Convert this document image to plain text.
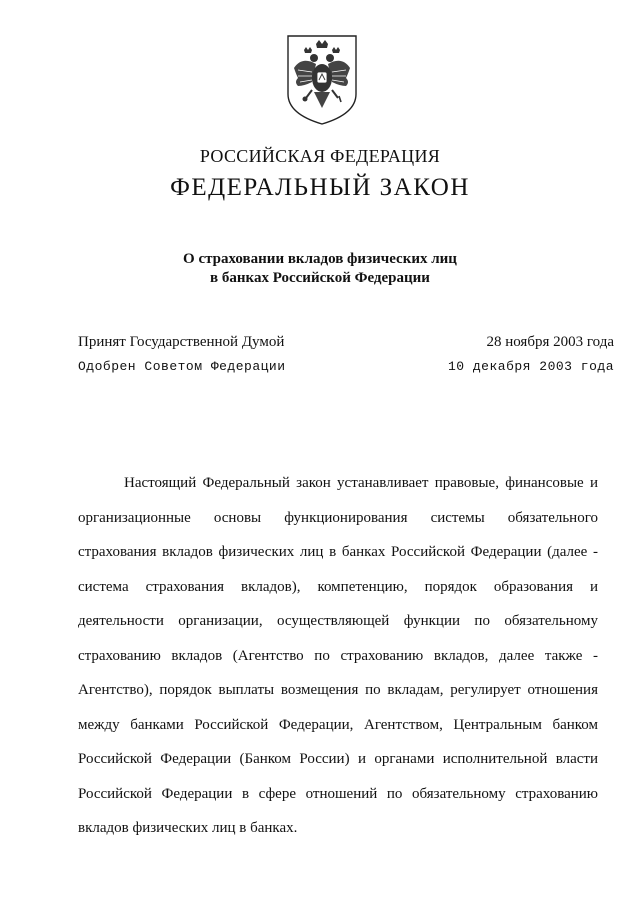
РОССИЙСКАЯ ФЕДЕРАЦИЯ
ФЕДЕРАЛЬНЫЙ ЗАКОН
О страховании вкладов физических лиц
в банках Российской Федерации
Принят Государственной Думой	28 ноября 2003 года
Одобрен Советом Федерации	10 декабря 2003 года

Настоящий Федеральный закон устанавливает правовые, финансовые и организационные основы функционирования системы обязательного страхования вкладов физических лиц в банках Российской Федерации (далее - система страхования вкладов), компетенцию, порядок образования и деятельности организации, осуществляющей функции по обязательному страхованию вкладов (Агентство по страхованию вкладов, далее также - Агентство), порядок выплаты возмещения по вкладам, регулирует отношения между банками Российской Федерации, Агентством, Центральным банком Российской Федерации (Банком России) и органами исполнительной власти Российской Федерации в сфере отношений по обязательному страхованию вкладов физических лиц в банках.
